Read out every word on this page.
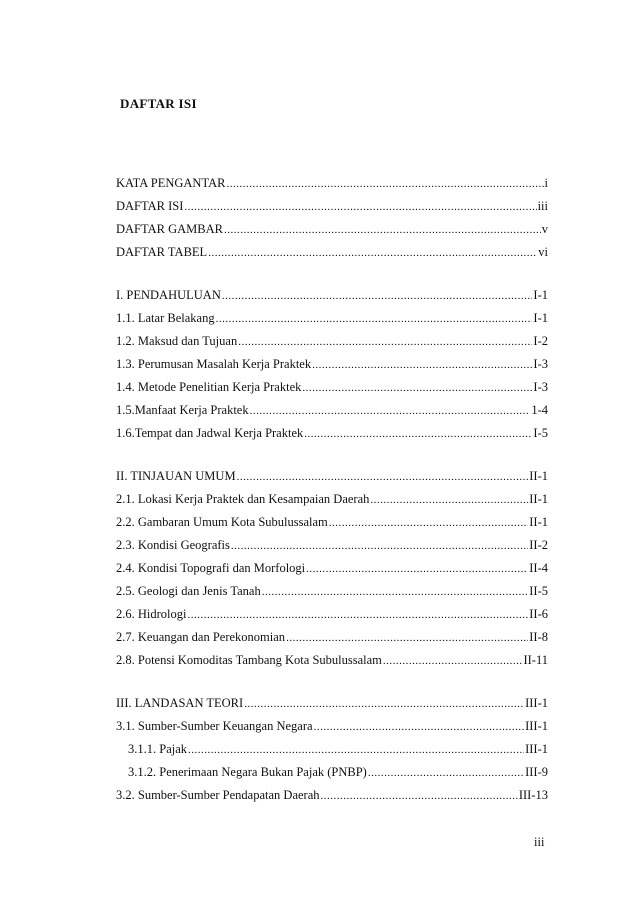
DAFTAR ISI
KATA PENGANTAR .....	i
DAFTAR ISI .....	iii
DAFTAR GAMBAR .....	v
DAFTAR TABEL .....	vi
I. PENDAHULUAN .....	I-1
1.1. Latar Belakang .....	I-1
1.2. Maksud dan Tujuan .....	I-2
1.3. Perumusan Masalah Kerja Praktek .....	I-3
1.4. Metode Penelitian Kerja Praktek .....	I-3
1.5.Manfaat Kerja Praktek .....	1-4
1.6.Tempat dan Jadwal Kerja Praktek .....	I-5
II. TINJAUAN UMUM .....	II-1
2.1. Lokasi Kerja Praktek dan Kesampaian Daerah .....	II-1
2.2. Gambaran Umum Kota Subulussalam .....	II-1
2.3. Kondisi Geografis .....	II-2
2.4. Kondisi Topografi dan Morfologi .....	II-4
2.5. Geologi dan Jenis Tanah .....	II-5
2.6. Hidrologi .....	II-6
2.7. Keuangan dan Perekonomian .....	II-8
2.8. Potensi Komoditas Tambang Kota Subulussalam .....	II-11
III. LANDASAN TEORI .....	III-1
3.1. Sumber-Sumber Keuangan Negara .....	III-1
3.1.1. Pajak .....	III-1
3.1.2. Penerimaan Negara Bukan Pajak (PNBP) .....	III-9
3.2. Sumber-Sumber Pendapatan Daerah .....	III-13
iii
